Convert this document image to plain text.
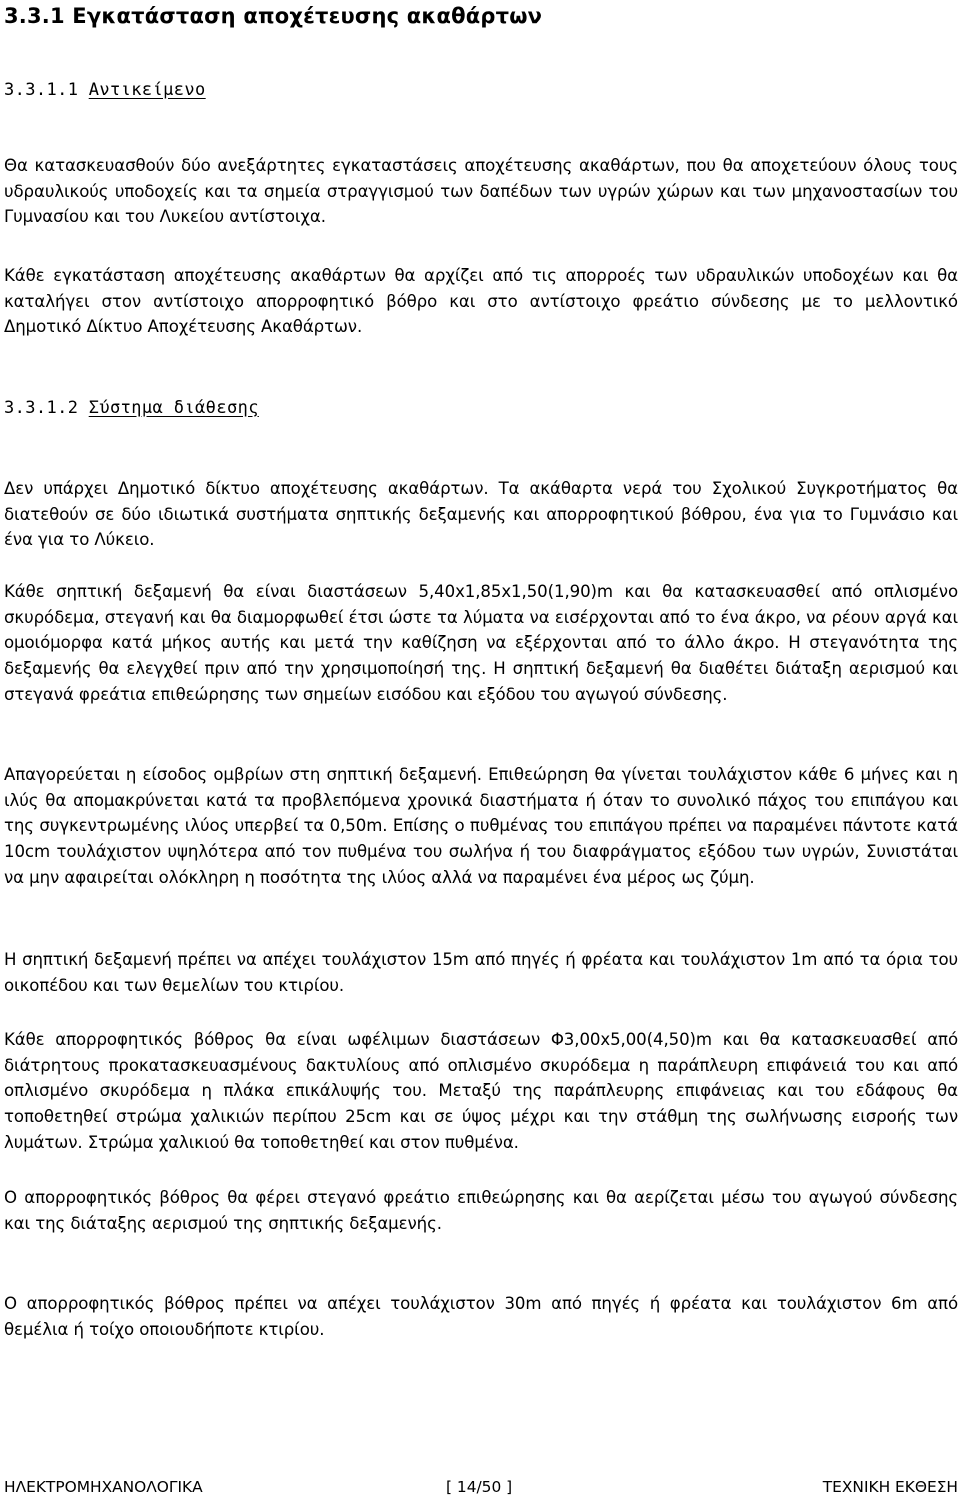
3.3.1 Εγκατάσταση αποχέτευσης ακαθάρτων
3.3.1.1 Αντικείμενο

Θα κατασκευασθούν δύο ανεξάρτητες εγκαταστάσεις αποχέτευσης ακαθάρτων, που θα αποχετεύουν όλους τους υδραυλικούς υποδοχείς και τα σημεία στραγγισμού των δαπέδων των υγρών χώρων και των μηχανοστασίων του Γυμνασίου και του Λυκείου αντίστοιχα.

Κάθε εγκατάσταση αποχέτευσης ακαθάρτων θα αρχίζει από τις απορροές των υδραυλικών υποδοχέων και θα καταλήγει στον αντίστοιχο απορροφητικό βόθρο και στο αντίστοιχο φρεάτιο σύνδεσης με το μελλοντικό Δημοτικό Δίκτυο Αποχέτευσης Ακαθάρτων.

3.3.1.2 Σύστημα διάθεσης

Δεν υπάρχει Δημοτικό δίκτυο αποχέτευσης ακαθάρτων. Τα ακάθαρτα νερά του Σχολικού Συγκροτήματος θα διατεθούν σε δύο ιδιωτικά συστήματα σηπτικής δεξαμενής και απορροφητικού βόθρου, ένα για το Γυμνάσιο και ένα για το Λύκειο.

Κάθε σηπτική δεξαμενή θα είναι διαστάσεων 5,40x1,85x1,50(1,90)m και θα κατασκευασθεί από οπλισμένο σκυρόδεμα, στεγανή και θα διαμορφωθεί έτσι ώστε τα λύματα να εισέρχονται από το ένα άκρο, να ρέουν αργά και ομοιόμορφα κατά μήκος αυτής και μετά την καθίζηση να εξέρχονται από το άλλο άκρο. Η στεγανότητα της δεξαμενής θα ελεγχθεί πριν από την χρησιμοποίησή της. Η σηπτική δεξαμενή θα διαθέτει διάταξη αερισμού και στεγανά φρεάτια επιθεώρησης των σημείων εισόδου και εξόδου του αγωγού σύνδεσης.

Απαγορεύεται η είσοδος ομβρίων στη σηπτική δεξαμενή. Επιθεώρηση θα γίνεται τουλάχιστον κάθε 6 μήνες και η ιλύς θα απομακρύνεται κατά τα προβλεπόμενα χρονικά διαστήματα ή όταν το συνολικό πάχος του επιπάγου και της συγκεντρωμένης ιλύος υπερβεί τα 0,50m. Επίσης ο πυθμένας του επιπάγου πρέπει να παραμένει πάντοτε κατά 10cm τουλάχιστον υψηλότερα από τον πυθμένα του σωλήνα ή του διαφράγματος εξόδου των υγρών, Συνιστάται να μην αφαιρείται ολόκληρη η ποσότητα της ιλύος αλλά να παραμένει ένα μέρος ως ζύμη.

Η σηπτική δεξαμενή πρέπει να απέχει τουλάχιστον 15m από πηγές ή φρέατα και τουλάχιστον 1m από τα όρια του οικοπέδου και των θεμελίων του κτιρίου.

Κάθε απορροφητικός βόθρος θα είναι ωφέλιμων διαστάσεων Φ3,00x5,00(4,50)m και θα κατασκευασθεί από διάτρητους προκατασκευασμένους δακτυλίους από οπλισμένο σκυρόδεμα η παράπλευρη επιφάνειά του και από οπλισμένο σκυρόδεμα η πλάκα επικάλυψής του. Μεταξύ της παράπλευρης επιφάνειας και του εδάφους θα τοποθετηθεί στρώμα χαλικιών περίπου 25cm και σε ύψος μέχρι και την στάθμη της σωλήνωσης εισροής των λυμάτων. Στρώμα χαλικιού θα τοποθετηθεί και στον πυθμένα.

Ο απορροφητικός βόθρος θα φέρει στεγανό φρεάτιο επιθεώρησης και θα αερίζεται μέσω του αγωγού σύνδεσης και της διάταξης αερισμού της σηπτικής δεξαμενής.

Ο απορροφητικός βόθρος πρέπει να απέχει τουλάχιστον 30m από πηγές ή φρέατα και τουλάχιστον 6m από θεμέλια ή τοίχο οποιουδήποτε κτιρίου.

ΗΛΕΚΤΡΟΜΗΧΑΝΟΛΟΓΙΚΑ	[ 14/50 ]	ΤΕΧΝΙΚΗ ΕΚΘΕΣΗ
